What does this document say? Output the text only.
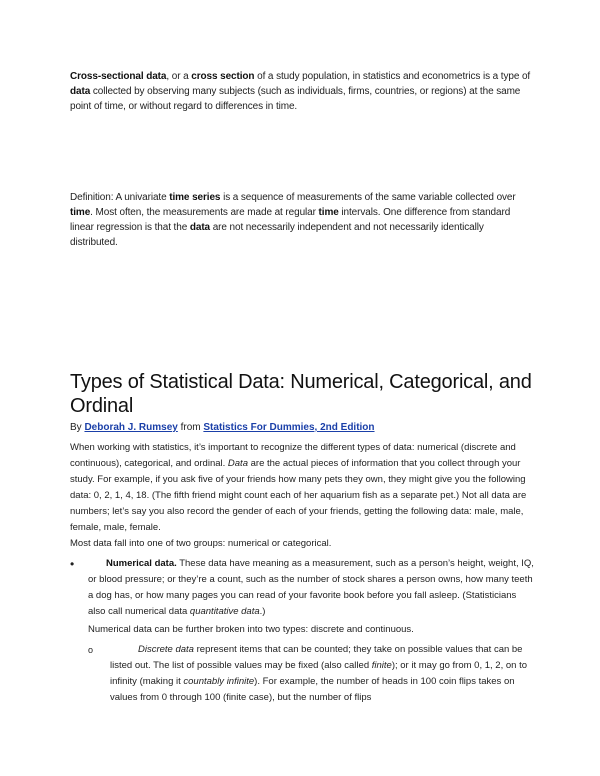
Cross-sectional data, or a cross section of a study population, in statistics and econometrics is a type of data collected by observing many subjects (such as individuals, firms, countries, or regions) at the same point of time, or without regard to differences in time.
Definition: A univariate time series is a sequence of measurements of the same variable collected over time. Most often, the measurements are made at regular time intervals. One difference from standard linear regression is that the data are not necessarily independent and not necessarily identically distributed.
Types of Statistical Data: Numerical, Categorical, and Ordinal
By Deborah J. Rumsey from Statistics For Dummies, 2nd Edition
When working with statistics, it’s important to recognize the different types of data: numerical (discrete and continuous), categorical, and ordinal. Data are the actual pieces of information that you collect through your study. For example, if you ask five of your friends how many pets they own, they might give you the following data: 0, 2, 1, 4, 18. (The fifth friend might count each of her aquarium fish as a separate pet.) Not all data are numbers; let’s say you also record the gender of each of your friends, getting the following data: male, male, female, male, female.
Most data fall into one of two groups: numerical or categorical.
•	Numerical data. These data have meaning as a measurement, such as a person’s height, weight, IQ, or blood pressure; or they’re a count, such as the number of stock shares a person owns, how many teeth a dog has, or how many pages you can read of your favorite book before you fall asleep. (Statisticians also call numerical data quantitative data.)
Numerical data can be further broken into two types: discrete and continuous.
o	Discrete data represent items that can be counted; they take on possible values that can be listed out. The list of possible values may be fixed (also called finite); or it may go from 0, 1, 2, on to infinity (making it countably infinite). For example, the number of heads in 100 coin flips takes on values from 0 through 100 (finite case), but the number of flips
